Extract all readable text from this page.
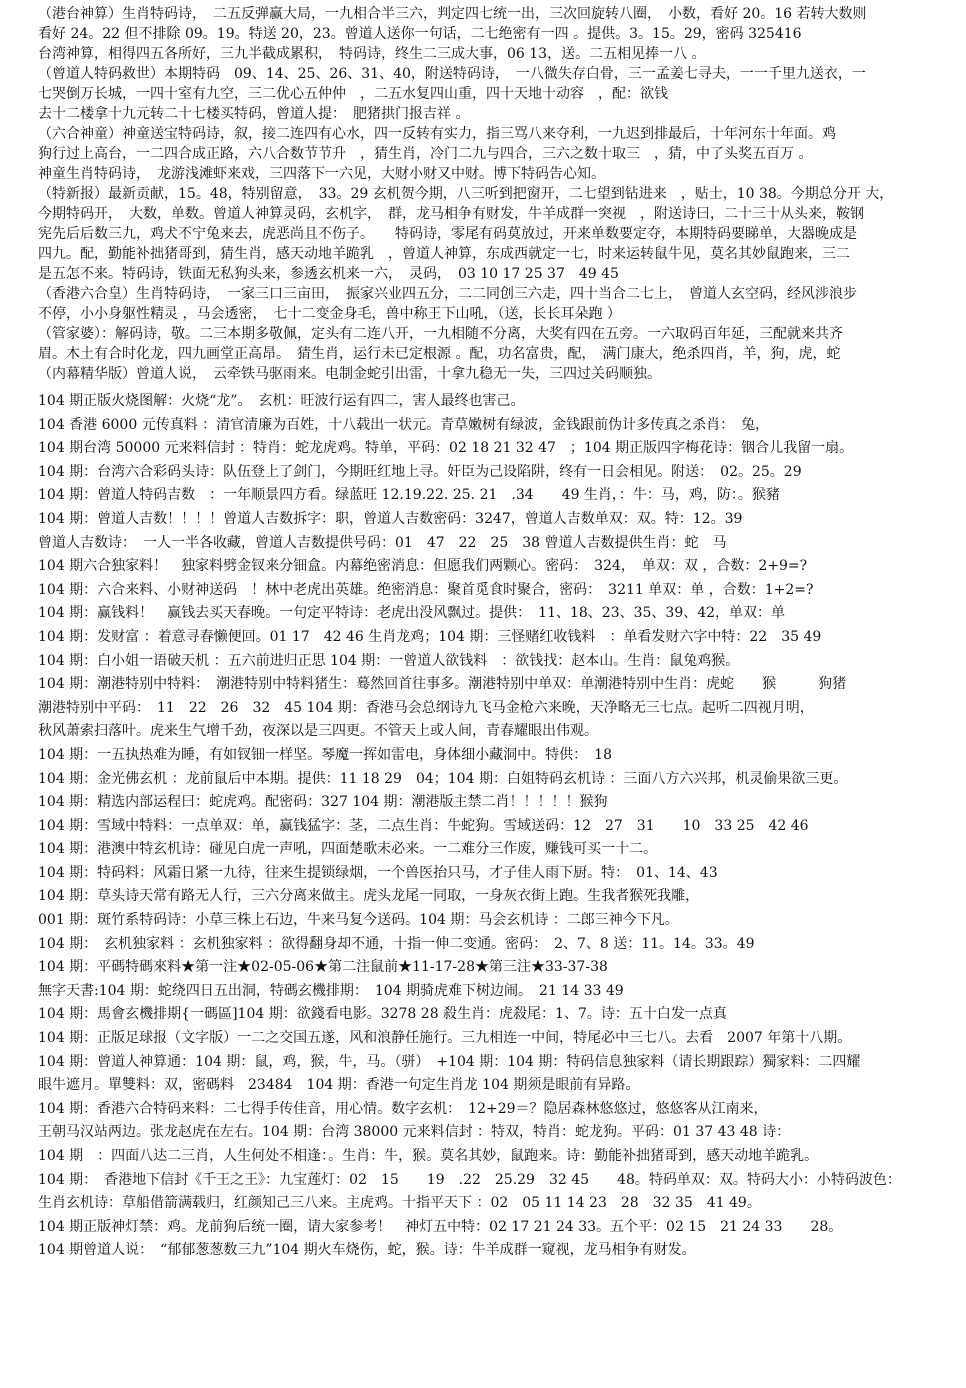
（港台神算）生肖特码诗，　二五反弹赢大局，一九相合半三六，判定四七统一出，三次回旋转八圈，　小数，看好 20。16 若转大数则
看好 24。22 但不排除 09。19。特送 20，23。曾道人送你一句话，二七绝密有一四 。提供。3。15。29，密码 325416
台湾神算，相得四五各所好，三九半截成累积，　特码诗，终生二三成大事，06 13，送。二五相见捧一八 。
（曾道人特码救世）本期特码　09、14、25、26、31、40，附送特码诗，　一八微失存白骨，三一孟姜七寻夫，一一千里九送衣，一
七哭倒万长城，一四十室有九空，三二优心五仲仲　，二五水复四山重，四十天地十动容　，配：欲钱
去十二楼拿十九元转二十七楼买特码，曾道人提：　肥猪拱门报吉祥 。
（六合神童）神童送宝特码诗，叙，接二连四有心水，四一反转有实力，指三骂八来夺利，一九迟到排最后，十年河东十年面。鸡
狗行过上高台，一二四合成正路，六八合数节节升　，猜生肖，冷门二九与四合，三六之数十取三　，猜，中了头奖五百万 。
神童生肖特码诗，　龙游浅滩虾来戏，三四落下一六见，大财小财又中财。博下特码告心知。
（特新报）最新贡献，15。48，特别留意，　33。29 玄机贺今期，八三听到把窗开，二七望到钻进来　，贴士，10 38。今期总分开 大，
今期特码开，　大数，单数。曾道人神算灵码，玄机字，　群，龙马相争有财发，牛羊成群一突视　，附送诗曰，二十三十从头来，鞍钢
宪先后后数三九，鸡犬不宁兔来去，虎恶尚且不伤子。　　特码诗，零尾有码莫放过，开来单数要定夺，本期特码要睇单，大器晚成是
四九。配，勤能补拙猪哥到，猜生肖，感天动地羊跪乳　，曾道人神算，东成西就定一七，时来运转鼠牛见，莫名其妙鼠跑来，三二
是五怎不来。特码诗，铁面无私狗头来，参透玄机来一六，　灵码，　03 10 17 25 37　49 45
（香港六合皇）生肖特码诗，　一家三口三亩田，　振家兴业四五分，二二同创三六走，四十当合二七上，　曾道人玄空码，经风涉浪步
不停，小小身躯性精灵 ，马会透密，　七十二变金身毛，兽中称王下山吼，（送，长长耳朵跑 ）
（管家婆）：解码诗，敬。二三本期多敬佩，定头有二连八开，一九相随不分离，大奖有四在五旁。一六取码百年延，三配就来共齐
眉。木土有合时化龙，四九画堂正高昂。　猜生肖，运行未已定根源 。配，功名富贵，配，　满门康大，绝杀四肖，羊，狗，虎，蛇
（内幕精华版）曾道人说，　云牵铁马驱雨来。电制金蛇引出雷，十拿九稳无一失，三四过关码顺独。
104 期正版火烧图解：火烧“龙”。　玄机：旺波行运有四二，害人最终也害己。
104 香港 6000 元传真料 ：清官清廉为百姓，十八载出一状元。青草嫩树有绿波，金钱跟前伪计多传真之杀肖：　兔，
104 期台湾 50000 元来料信封 ：特肖：蛇龙虎鸡。特单，平码：02 18 21 32 47　；104 期正版四字梅花诗：铟合儿我留一扇。
104 期：台湾六合彩码头诗：队伍登上了剑门，今期旺红地上寻。奸臣为己设陷阱，终有一日会相见。附送：　02。25。29
104 期：曾道人特码吉数　：一年顺景四方看。绿蓝旺 12.19.22. 25. 21　.34　　49 生肖，：牛：马，鸡，防：。猴豬
104 期：曾道人吉数！！！！曾道人吉数拆字：职，曾道人吉数密码：3247，曾道人吉数单双：双。特：12。39
曾道人吉数诗：　一人一半各收藏，曾道人吉数提供号码：01　47　22　25　38 曾道人吉数提供生肖：蛇　马
104 期六合独家料！　独家料劈金钗来分钿盒。内幕绝密消息：但愿我们两颗心。密码：　324，　单双：双 ，合数：2+9=?
104 期：六合来料、小财神送码　！林中老虎出英雄。绝密消息：聚首觅食时聚合，密码：　3211 单双：单 ，合数：1+2=?
104 期：赢钱料！　赢钱去买天春晚。一句定平特诗：老虎出没风飘过。提供：　11、18、23、35、39、42，单双：单
104 期：发财富 ：着意寻春懒便回。01 17　42 46 生肖龙鸡；104 期：三怪赌红收钱料　：单看发财六字中特：22　35 49
104 期：白小姐一语破天机 ：五六前进归正思 104 期：一曾道人欲钱料　：欲钱找：赵本山。生肖：鼠兔鸡猴。
104 期：潮港特别中特料：　潮港特别中特料猪生：蓦然回首往事多。潮港特别中单双：单潮港特别中生肖：虎蛇　　猴　　　狗猪
潮港特别中平码：　11　22　26　32　45 104 期：香港马会总纲诗九飞马金枪六来晚，天净略无三七点。起听二四视月明，
秋风萧索扫落叶。虎来生气增千劲，夜深以是三四更。不管天上或人间，青春耀眼出伟观。
104 期：一五执热难为睡，有如钗钿一样坚。琴魔一挥如雷电，身体细小藏洞中。特供：　18
104 期：金光佛玄机 ：龙前鼠后中本期。提供：11 18 29　04；104 期：白姐特码玄机诗 ：三面八方六兴邦，机灵偷果欲三更。
104 期：精选内部运程曰：蛇虎鸡。配密码：327 104 期：潮港版主禁二肖！！！！！猴狗
104 期：雪域中特料：一点单双：单，赢钱猛字：茎，二点生肖：牛蛇狗。雪域送码：12　27　31　　10　33 25　42 46
104 期：港澳中特玄机诗：碰见白虎一声吼，四面楚歌未必来。一二难分三作废，赚钱可买一十二。
104 期：特码料：风霜日紧一九待，往来生提锁绿烟，一个兽医抬只马，才子佳人雨下厨。特：　01、14、43
104 期：草头诗天常有路无人行，三六分离来做主。虎头龙尾一同取，一身灰衣街上跑。生我者猴死我雕，
001 期：斑竹系特码诗：小草三株上石边，牛来马复今送码。104 期：马会玄机诗 ：二郎三神今下凡。
104 期：　玄机独家料 ：玄机独家料 ：欲得翻身却不通，十指一伸二变通。密码：　2、7、8 送：11。14。33。49
104 期：平碼特碼來料★第一注★02-05-06★第二注鼠前★11-17-28★第三注★33-37-38
無字天書:104 期：蛇绕四日五出洞，特碼玄機排期：　104 期骑虎难下树边闹。　21 14 33 49
104 期：馬會玄機排期{一碼區]104 期：欲錢看电影。3278 28 殺生肖：虎殺尾：1、7。诗：五十白发一点真
104 期：正版足球报（文字版）一二之交国五遂，风和浪静任施行。三九相连一中间，特尾必中三七八。去看　2007 年第十八期。
104 期：曾道人神算通：104 期：鼠，鸡，猴，牛，马。（骈）　+104 期：104 期：特码信息独家料（请长期跟踪）獨家料：二四耀
眼牛遮月。單雙料：双，密碼料　23484　104 期：香港一句定生肖龙 104 期须是眼前有异路。
104 期：香港六合特码来料：二七得手传佳音，用心情。数字玄机：　12+29＝？隐居森林悠悠过，悠悠客从江南来，
王朝马汉站两边。张龙赵虎在左右。104 期：台湾 38000 元来料信封 ：特双，特肖：蛇龙狗。平码：01 37 43 48 诗：
104 期　：四面八达二三肖，人生何处不相逢：。生肖：牛，猴。莫名其妙，鼠跑来。诗：勤能补拙猪哥到，感天动地羊跪乳。
104 期：　香港地下信封《千王之王》：九宝莲灯：02　15　　19　.22　25.29　32 45　　48。特码单双：双。特码大小：小特码波色：
生肖玄机诗：草船借箭满载归，红颜知己三八来。主虎鸡。十指平天下 ：02　05 11 14 23　28　32 35　41 49。
104 期正版神灯禁：鸡。龙前狗后统一圈，请大家参考！　神灯五中特：02 17 21 24 33。五个平：02 15　21 24 33　　28。
104 期曾道人说：　“郁郁葱葱数三九”104 期火车烧伤，蛇，猴。诗：牛羊成群一窥视，龙马相争有财发。
